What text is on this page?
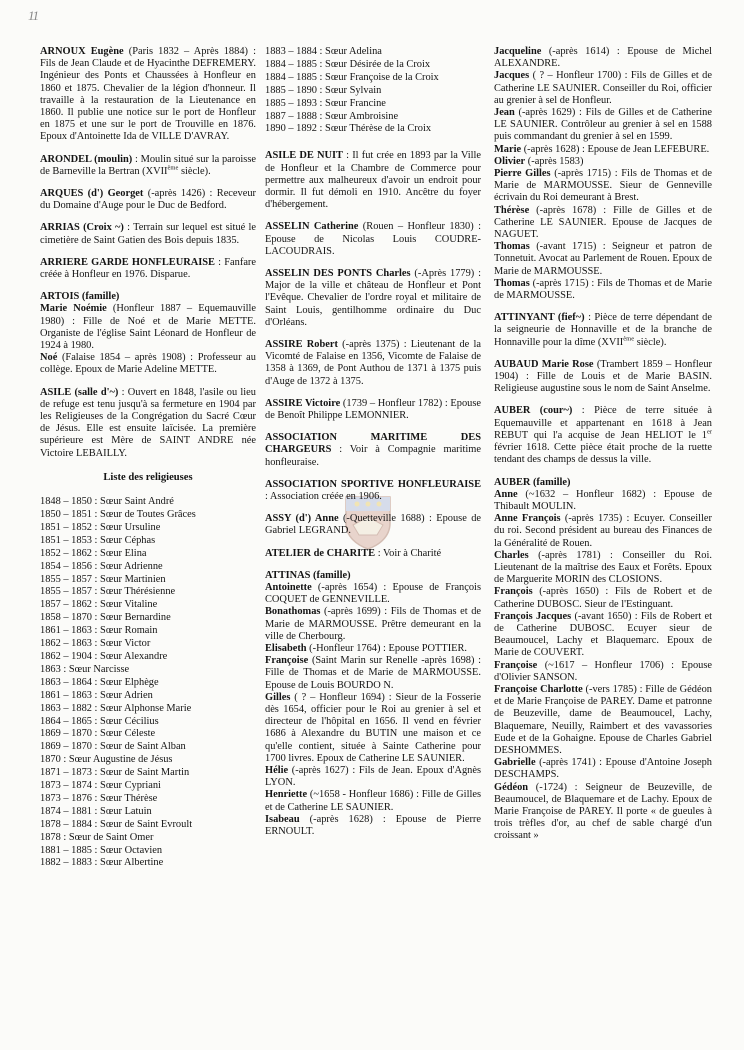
11
ARNOUX Eugène (Paris 1832 – Après 1884) : Fils de Jean Claude et de Hyacinthe DEFREMERY. Ingénieur des Ponts et Chaussées à Honfleur en 1860 et 1875. Chevalier de la légion d'honneur. Il travaille à la restauration de la Lieutenance en 1860. Il publie une notice sur le port de Honfleur en 1875 et une sur le port de Trouville en 1876. Epoux d'Antoinette Ida de VILLE D'AVRAY.
ARONDEL (moulin) : Moulin situé sur la paroisse de Barneville la Bertran (XVIIème siècle).
ARQUES (d') Georget (-après 1426) : Receveur du Domaine d'Auge pour le Duc de Bedford.
ARRIAS (Croix ~) : Terrain sur lequel est situé le cimetière de Saint Gatien des Bois depuis 1835.
ARRIERE GARDE HONFLEURAISE : Fanfare créée à Honfleur en 1976. Disparue.
ARTOIS (famille)

Marie Noémie (Honfleur 1887 – Equemauville 1980) : Fille de Noé et de Marie METTE. Organiste de l'église Saint Léonard de Honfleur de 1924 à 1980.

Noé (Falaise 1854 – après 1908) : Professeur au collège. Epoux de Marie Adeline METTE.

ASILE (salle d'~) : Ouvert en 1848, l'asile ou lieu de refuge est tenu jusqu'à sa fermeture en 1904 par les Religieuses de la Congrégation du Sacré Cœur de Jésus. Elle est ensuite laïcisée. La première supérieure est Mère de SAINT ANDRE née Victoire LEBAILLY.
Liste des religieuses

1848 – 1850 : Sœur Saint André

1850 – 1851 : Sœur de Toutes Grâces

1851 – 1852 : Sœur Ursuline

1851 – 1853 : Sœur Céphas

1852 – 1862 : Sœur Elina

1854 – 1856 : Sœur Adrienne

1855 – 1857 : Sœur Martinien

1855 – 1857 : Sœur Thérésienne

1857 – 1862 : Sœur Vitaline

1858 – 1870 : Sœur Bernardine

1861 – 1863 : Sœur Romain

1862 – 1863 : Sœur Victor

1862 – 1904 : Sœur Alexandre

1863 : Sœur Narcisse

1863 – 1864 : Sœur Elphège

1861 – 1863 : Sœur Adrien

1863 – 1882 : Sœur Alphonse Marie

1864 – 1865 : Sœur Cécilius

1869 – 1870 : Sœur Céleste

1869 – 1870 : Sœur de Saint Alban

1870 : Sœur Augustine de Jésus

1871 – 1873 : Sœur de Saint Martin

1873 – 1874 : Sœur Cypriani

1873 – 1876 : Sœur Thérèse

1874 – 1881 : Sœur Latuin

1878 – 1884 : Sœur de Saint Evroult

1878 : Sœur de Saint Omer

1881 – 1885 : Sœur Octavien

1882 – 1883 : Sœur Albertine

1883 – 1884 : Sœur Adelina

1884 – 1885 : Sœur Désirée de la Croix

1884 – 1885 : Sœur Françoise de la Croix

1885 – 1890 : Sœur Sylvain

1885 – 1893 : Sœur Francine

1887 – 1888 : Sœur Ambroisine

1890 – 1892 : Sœur Thérèse de la Croix

ASILE DE NUIT : Il fut crée en 1893 par la Ville de Honfleur et la Chambre de Commerce pour permettre aux malheureux d'avoir un endroit pour dormir. Il fut démoli en 1910. Ancêtre du foyer d'hébergement.
ASSELIN Catherine (Rouen – Honfleur 1830) : Epouse de Nicolas Louis COUDRE-LACOUDRAIS.
ASSELIN DES PONTS Charles (-Après 1779) : Major de la ville et château de Honfleur et Pont l'Evêque. Chevalier de l'ordre royal et militaire de Saint Louis, gentilhomme ordinaire du Duc d'Orléans.
ASSIRE Robert (-après 1375) : Lieutenant de la Vicomté de Falaise en 1356, Vicomte de Falaise de 1358 à 1369, de Pont Authou de 1371 à 1375 puis d'Auge de 1372 à 1375.
ASSIRE Victoire (1739 – Honfleur 1782) : Epouse de Benoît Philippe LEMONNIER.
ASSOCIATION MARITIME DES CHARGEURS : Voir à Compagnie maritime honfleuraise.
ASSOCIATION SPORTIVE HONFLEURAISE : Association créée en 1906.
ASSY (d') Anne (-Quetteville 1688) : Epouse de Gabriel LEGRAND.
ATELIER de CHARITE : Voir à Charité
ATTINAS (famille)

Antoinette (-après 1654) : Epouse de François COQUET de GENNEVILLE.

Bonathomas (-après 1699) : Fils de Thomas et de Marie de MARMOUSSE. Prêtre demeurant en la ville de Cherbourg.

Elisabeth (-Honfleur 1764) : Epouse POTTIER.

Françoise (Saint Marin sur Renelle -après 1698) : Fille de Thomas et de Marie de MARMOUSSE. Epouse de Louis BOURDO N.

Gilles ( ? – Honfleur 1694) : Sieur de la Fosserie dès 1654, officier pour le Roi au grenier à sel et directeur de l'hôpital en 1656. Il vend en février 1686 à Alexandre du BUTIN une maison et ce qu'elle contient, située à Sainte Catherine pour 1700 livres. Epoux de Catherine LE SAUNIER.

Hélie (-après 1627) : Fils de Jean. Epoux d'Agnès LYON.

Henriette (~1658 - Honfleur 1686) : Fille de Gilles et de Catherine LE SAUNIER.

Isabeau (-après 1628) : Epouse de Pierre ERNOULT.

Jacqueline (-après 1614) : Epouse de Michel ALEXANDRE.

Jacques ( ? – Honfleur 1700) : Fils de Gilles et de Catherine LE SAUNIER. Conseiller du Roi, officier au grenier à sel de Honfleur.

Jean (-après 1629) : Fils de Gilles et de Catherine LE SAUNIER. Contrôleur au grenier à sel en 1588 puis commandant du grenier à sel en 1599.

Marie (-après 1628) : Epouse de Jean LEFEBURE.

Olivier (-après 1583)

Pierre Gilles (-après 1715) : Fils de Thomas et de Marie de MARMOUSSE. Sieur de Genneville écrivain du Roi demeurant à Brest.

Thérèse (-après 1678) : Fille de Gilles et de Catherine LE SAUNIER. Epouse de Jacques de NAGUET.

Thomas (-avant 1715) : Seigneur et patron de Tonnetuit. Avocat au Parlement de Rouen. Epoux de Marie de MARMOUSSE.

Thomas (-après 1715) : Fils de Thomas et de Marie de MARMOUSSE.

ATTINYANT (fief~) : Pièce de terre dépendant de la seigneurie de Honnaville et de la branche de Honnaville pour la dîme (XVIIème siècle).
AUBAUD Marie Rose (Trambert 1859 – Honfleur 1904) : Fille de Louis et de Marie BASIN. Religieuse augustine sous le nom de Saint Anselme.
AUBER (cour~) : Pièce de terre située à Equemauville et appartenant en 1618 à Jean REBUT qui l'a acquise de Jean HELIOT le 1er février 1618. Cette pièce était proche de la ruette tendant des champs de dessus la ville.
AUBER (famille)

Anne (~1632 – Honfleur 1682) : Epouse de Thibault MOULIN.

Anne François (-après 1735) : Ecuyer. Conseiller du roi. Second président au bureau des Finances de la Généralité de Rouen.

Charles (-après 1781) : Conseiller du Roi. Lieutenant de la maîtrise des Eaux et Forêts. Epoux de Marguerite MORIN des CLOSIONS.

François (-après 1650) : Fils de Robert et de Catherine DUBOSC. Sieur de l'Estinguant.

François Jacques (-avant 1650) : Fils de Robert et de Catherine DUBOSC. Ecuyer sieur de Beaumoucel, Lachy et Blaquemarc. Epoux de Marie de COUVERT.

Françoise (~1617 – Honfleur 1706) : Epouse d'Olivier SANSON.

Françoise Charlotte (-vers 1785) : Fille de Gédéon et de Marie Françoise de PAREY. Dame et patronne de Beuzeville, dame de Beaumoucel, Lachy, Blaquemare, Neuilly, Raimbert et des vavassories Eude et de la Gohaigne. Epouse de Charles Gabriel DESHOMMES.

Gabrielle (-après 1741) : Epouse d'Antoine Joseph DESCHAMPS.

Gédéon (-1724) : Seigneur de Beuzeville, de Beaumoucel, de Blaquemare et de Lachy. Epoux de Marie Françoise de PAREY. Il porte « de gueules à trois trèfles d'or, au chef de sable chargé d'un croissant »
